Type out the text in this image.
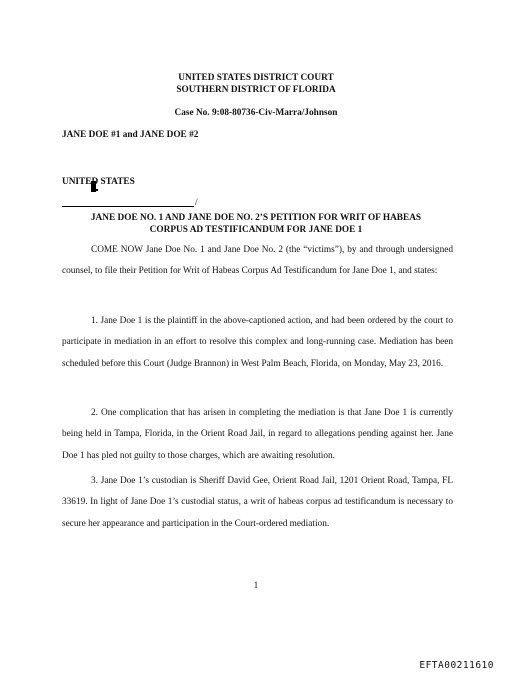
UNITED STATES DISTRICT COURT
SOUTHERN DISTRICT OF FLORIDA
Case No. 9:08-80736-Civ-Marra/Johnson
JANE DOE #1 and JANE DOE #2
UNITED STATES
/
JANE DOE NO. 1 AND JANE DOE NO. 2’S PETITION FOR WRIT OF HABEAS
CORPUS AD TESTIFICANDUM FOR JANE DOE 1
COME NOW Jane Doe No. 1 and Jane Doe No. 2 (the “victims”), by and through undersigned counsel, to file their Petition for Writ of Habeas Corpus Ad Testificandum for Jane Doe 1, and states:
1. Jane Doe 1 is the plaintiff in the above-captioned action, and had been ordered by the court to participate in mediation in an effort to resolve this complex and long-running case. Mediation has been scheduled before this Court (Judge Brannon) in West Palm Beach, Florida, on Monday, May 23, 2016.
2. One complication that has arisen in completing the mediation is that Jane Doe 1 is currently being held in Tampa, Florida, in the Orient Road Jail, in regard to allegations pending against her. Jane Doe 1 has pled not guilty to those charges, which are awaiting resolution.
3. Jane Doe 1’s custodian is Sheriff David Gee, Orient Road Jail, 1201 Orient Road, Tampa, FL 33619. In light of Jane Doe 1’s custodial status, a writ of habeas corpus ad testificandum is necessary to secure her appearance and participation in the Court-ordered mediation.
1
EFTA00211610
